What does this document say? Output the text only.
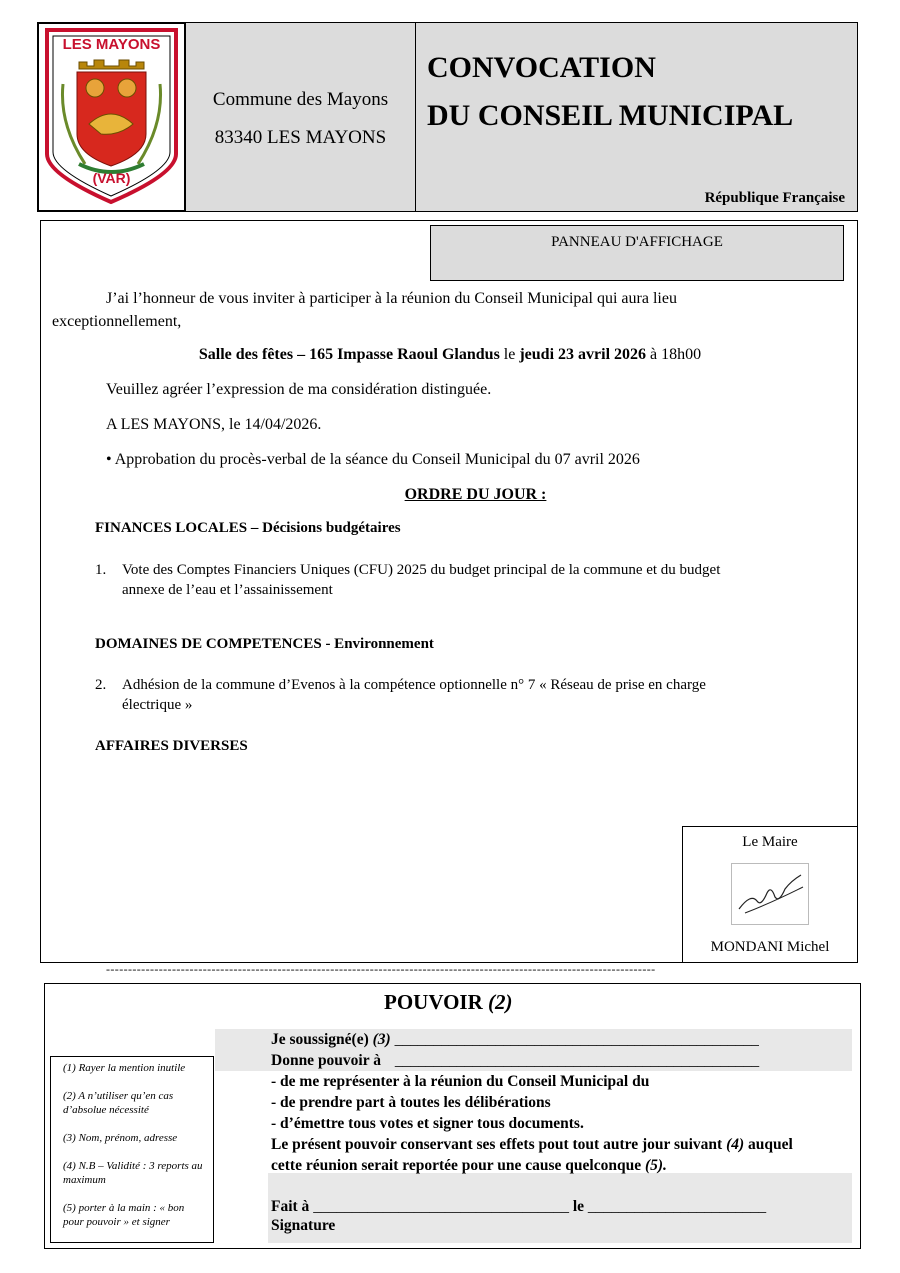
LES MAYONS
(VAR)
Commune des Mayons
83340 LES MAYONS
CONVOCATION
DU CONSEIL MUNICIPAL
République Française
PANNEAU D'AFFICHAGE
J’ai l’honneur de vous inviter à participer à la réunion du Conseil Municipal qui aura lieu
exceptionnellement,
Salle des fêtes – 165 Impasse Raoul Glandus le jeudi 23 avril 2026 à 18h00
Veuillez agréer l’expression de ma considération distinguée.
A LES MAYONS, le 14/04/2026.
• Approbation du procès-verbal de la séance du Conseil Municipal du 07 avril 2026
ORDRE DU JOUR :
FINANCES LOCALES – Décisions budgétaires
1. Vote des Comptes Financiers Uniques (CFU) 2025 du budget principal de la commune et du budget
annexe de l’eau et l’assainissement
DOMAINES DE COMPETENCES - Environnement
2. Adhésion de la commune d’Evenos à la compétence optionnelle n° 7 « Réseau de prise en charge
électrique »
AFFAIRES DIVERSES
Le Maire
MONDANI Michel
-----------------------------------------------------------------------------------------------------------------------------
POUVOIR (2)

(1) Rayer la mention inutile

(2) A n’utiliser qu’en cas d’absolue nécessité

(3) Nom, prénom, adresse

(4) N.B – Validité : 3 reports au maximum

(5) porter à la main : « bon pour pouvoir » et signer

Je soussigné(e) (3) _______________________________________________
Donne pouvoir à _______________________________________________
- de me représenter à la réunion du Conseil Municipal du
- de prendre part à toutes les délibérations
- d’émettre tous votes et signer tous documents.
Le présent pouvoir conservant ses effets pout tout autre jour suivant (4) auquel
cette réunion serait reportée pour une cause quelconque (5).
Fait à _________________________________ le _______________________
Signature
